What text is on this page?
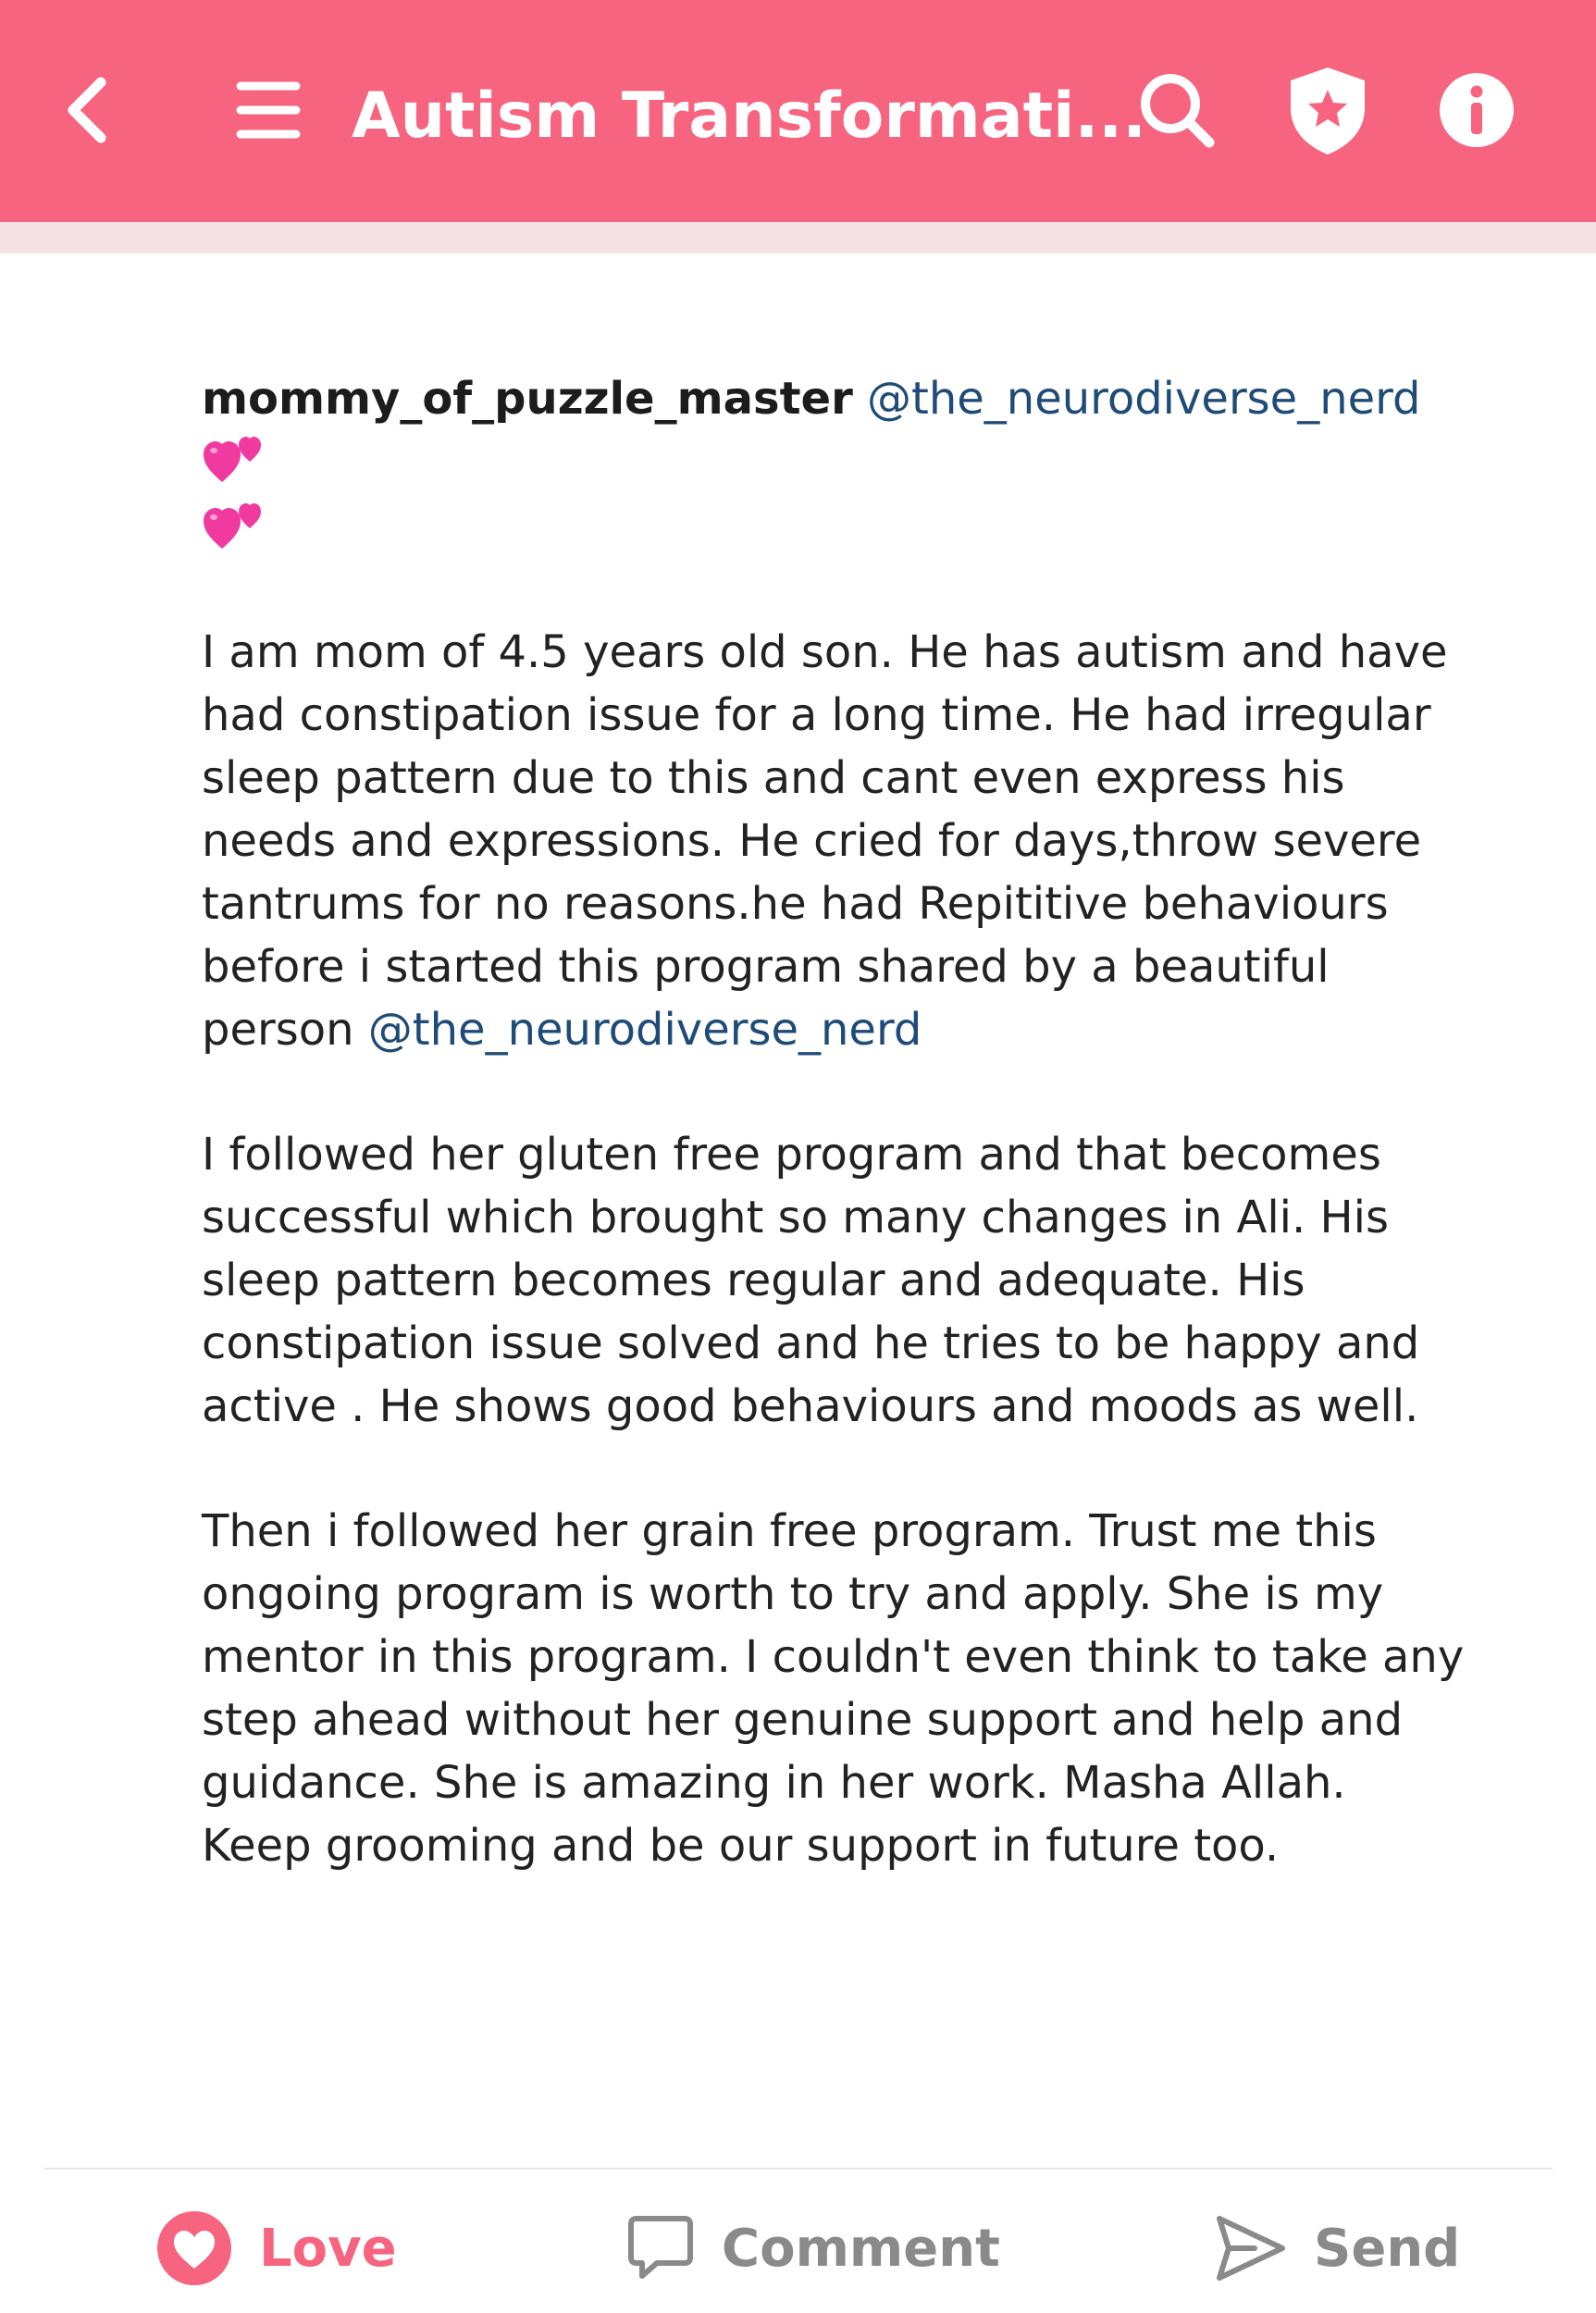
Autism Transformati...

mommy_of_puzzle_master @the_neurodiverse_nerd

I am mom of 4.5 years old son. He has autism and have
had constipation issue for a long time. He had irregular
sleep pattern due to this and cant even express his
needs and expressions. He cried for days,throw severe
tantrums for no reasons.he had Repititive behaviours
before i started this program shared by a beautiful
person @the_neurodiverse_nerd

I followed her gluten free program and that becomes
successful which brought so many changes in Ali. His
sleep pattern becomes regular and adequate. His
constipation issue solved and he tries to be happy and
active . He shows good behaviours and moods as well.

Then i followed her grain free program. Trust me this
ongoing program is worth to try and apply. She is my
mentor in this program. I couldn't even think to take any
step ahead without her genuine support and help and
guidance. She is amazing in her work. Masha Allah.
Keep grooming and be our support in future too.

Love	Comment	Send
